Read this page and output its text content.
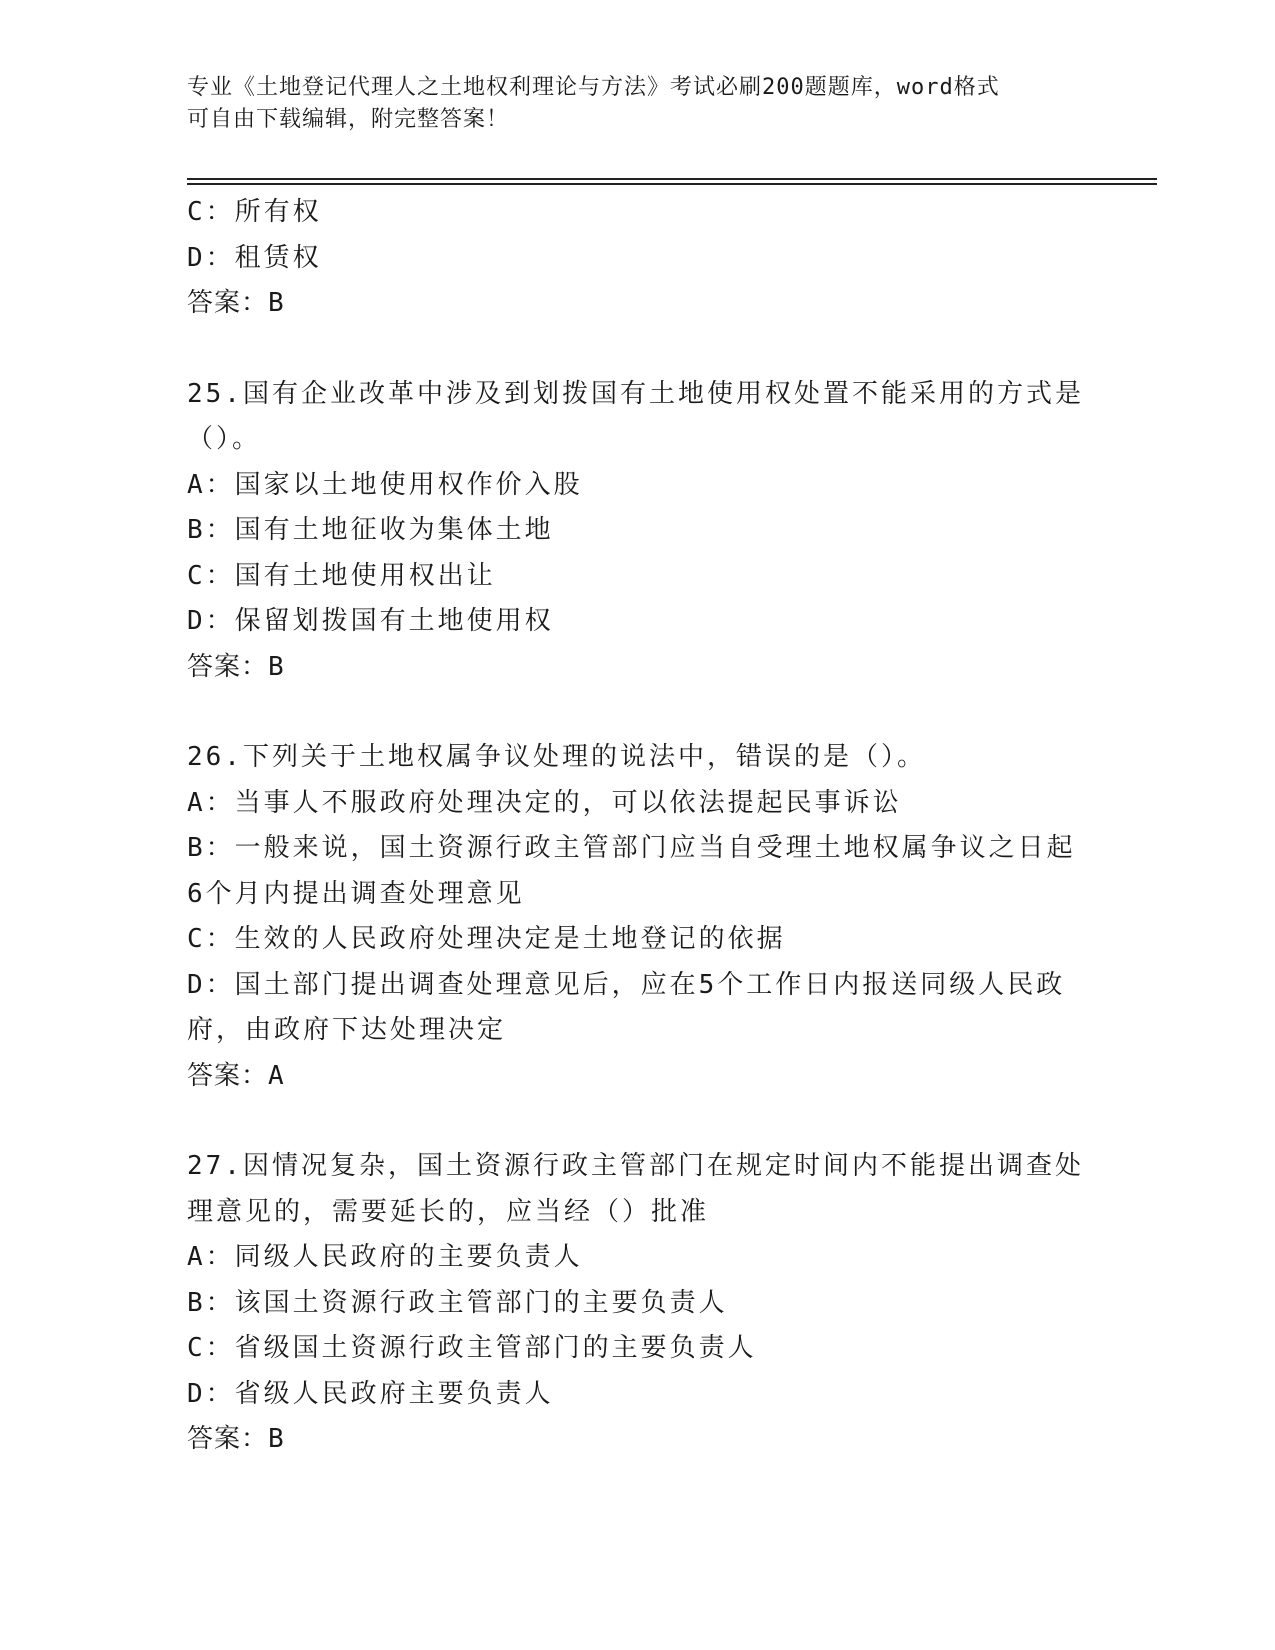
专业《土地登记代理人之土地权利理论与方法》考试必刷200题题库，word格式
可自由下载编辑，附完整答案！
C：所有权
D：租赁权
答案：B
25.国有企业改革中涉及到划拨国有土地使用权处置不能采用的方式是
（）。
A：国家以土地使用权作价入股
B：国有土地征收为集体土地
C：国有土地使用权出让
D：保留划拨国有土地使用权
答案：B
26.下列关于土地权属争议处理的说法中，错误的是（）。
A：当事人不服政府处理决定的，可以依法提起民事诉讼
B：一般来说，国土资源行政主管部门应当自受理土地权属争议之日起
6个月内提出调查处理意见
C：生效的人民政府处理决定是土地登记的依据
D：国土部门提出调查处理意见后，应在5个工作日内报送同级人民政
府，由政府下达处理决定
答案：A
27.因情况复杂，国土资源行政主管部门在规定时间内不能提出调查处
理意见的，需要延长的，应当经（）批准
A：同级人民政府的主要负责人
B：该国土资源行政主管部门的主要负责人
C：省级国土资源行政主管部门的主要负责人
D：省级人民政府主要负责人
答案：B
